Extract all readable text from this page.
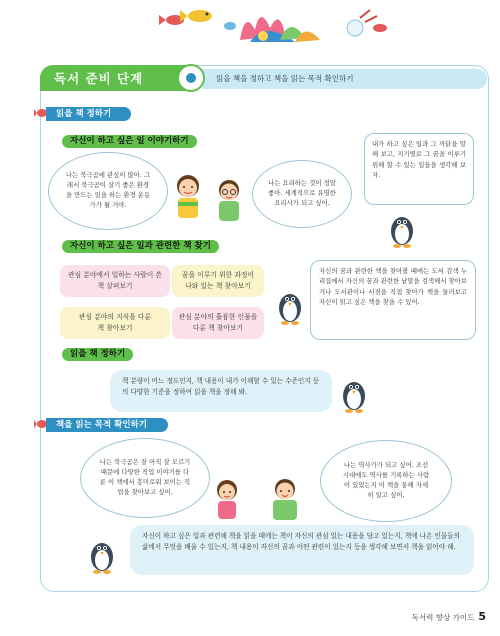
독서 준비 단계	읽을 책을 정하고 책을 읽는 목적 확인하기
읽을 책 정하기
자신이 하고 싶은 일 이야기하기
나는 북극곰에 관심이 많아. 그래서 북극곰이 살기 좋은 환경을 만드는 일을 하는 환경 운동가가 될 거야.
나는 요리하는 것이 정말 좋아. 세계적으로 유명한 요리사가 되고 싶어.
내가 하고 싶은 일과 그 까닭을 말해 보고, 지기별로 그 꿈을 이루기 위해 할 수 있는 일들을 생각해 보자.
자신이 하고 싶은 일과 관련한 책 찾기
관심 분야에서 일하는 사람이 쓴 책 살펴보기
꿈을 이루기 위한 과정이 나와 있는 책 찾아보기
관심 분야의 지식을 다룬 책 찾아보기
관심 분야의 훌륭한 인물을 다룬 책 찾아보기
자신의 꿈과 관련한 책을 찾아볼 때에는 도서 검색 누리집에서 자신의 꿈과 관련한 낱말을 검색해서 찾아보거나 도서관이나 서점을 직접 찾아가 책을 둘러보고 자신이 읽고 싶은 책을 찾을 수 있어.
읽을 책 정하기
책 분량이 어느 정도인지, 책 내용이 내가 이해할 수 있는 수준인지 등의 다양한 기준을 정하여 읽을 책을 정해 봐.
책을 읽는 목적 확인하기
나는 북극곰은 잘 아직 잘 모르기 때문에 다양한 직업 이야기를 다룬 이 책에서 흥미로워 보이는 직업을 찾아보고 싶어.
나는 역사가가 되고 싶어. 조선 시대에도 역사를 기록하는 사람이 있었는지 이 책을 통해 자세히 알고 싶어.
자신이 하고 싶은 일과 관련해 책을 읽을 때에는 책이 자신의 관심 있는 내용을 담고 있는지, 책에 나온 인물들의 삶에서 무엇을 배울 수 있는지, 책 내용이 자신의 꿈과 어떤 관련이 있는지 등을 생각해 보면서 책을 읽어야 해.
독서력 향상 가이드 5
